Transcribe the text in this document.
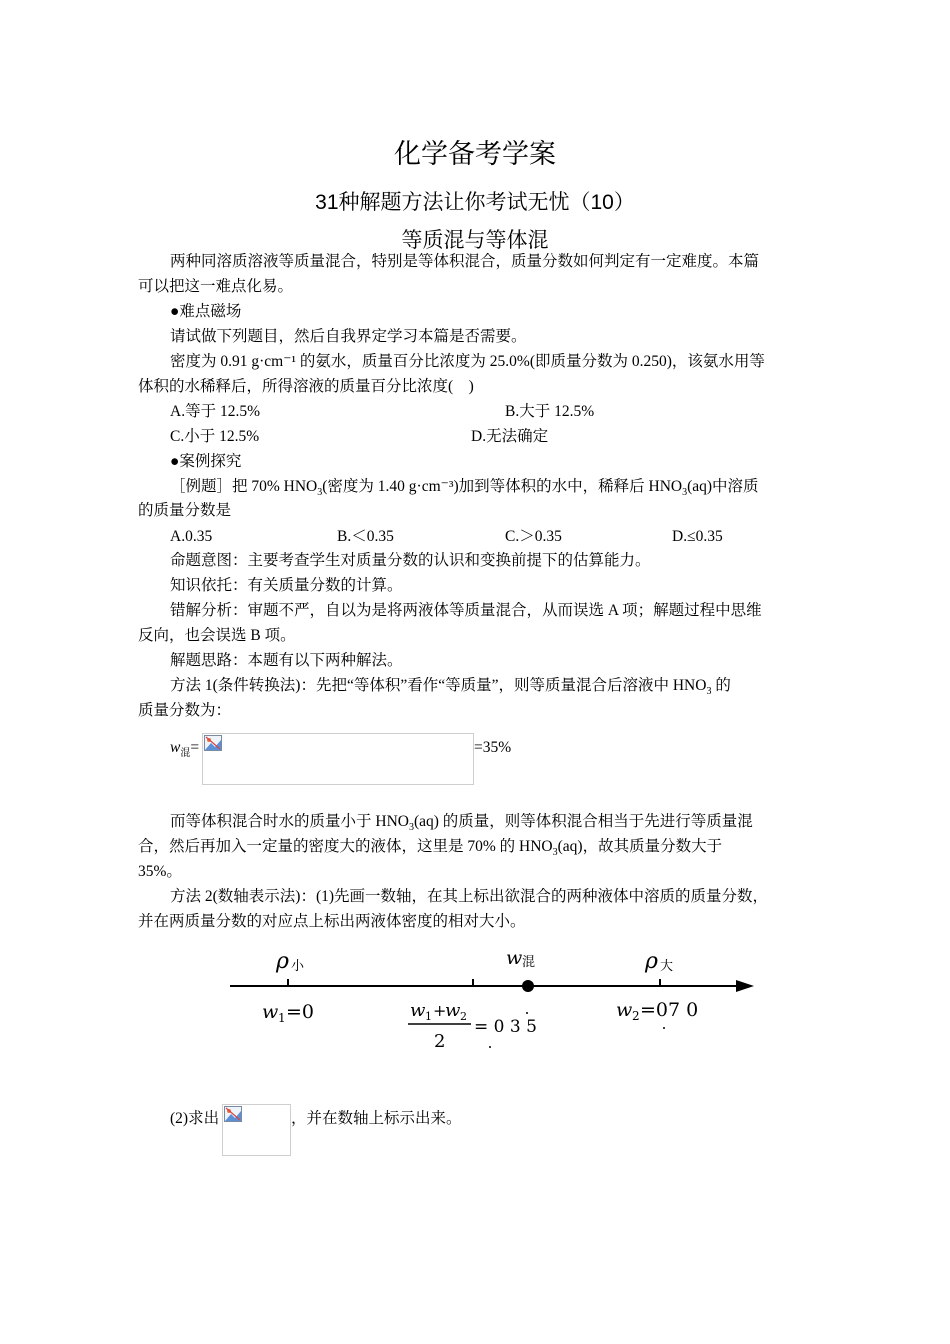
化学备考学案
31种解题方法让你考试无忧（10）
等质混与等体混
两种同溶质溶液等质量混合，特别是等体积混合，质量分数如何判定有一定难度。本篇
可以把这一难点化易。
●难点磁场
请试做下列题目，然后自我界定学习本篇是否需要。
密度为 0.91 g·cm⁻¹ 的氨水，质量百分比浓度为 25.0%(即质量分数为 0.250)，该氨水用等
体积的水稀释后，所得溶液的质量百分比浓度(　)
A.等于 12.5%	B.大于 12.5%
C.小于 12.5%	D.无法确定
●案例探究
［例题］把 70% $HNO_3$(密度为 1.40 g·cm⁻³)加到等体积的水中，稀释后 $HNO_3(aq)$中溶质
的质量分数是
A.0.35	B.＜0.35	C.＞0.35	D.≤0.35
命题意图：主要考查学生对质量分数的认识和变换前提下的估算能力。
知识依托：有关质量分数的计算。
错解分析：审题不严，自以为是将两液体等质量混合，从而误选 A 项；解题过程中思维
反向，也会误选 B 项。
解题思路：本题有以下两种解法。
方法 1(条件转换法)：先把“等体积”看作“等质量”，则等质量混合后溶液中 $HNO_3$ 的
质量分数为：
$w_混=$	=35%
而等体积混合时水的质量小于 $HNO_3(aq)$ 的质量，则等体积混合相当于先进行等质量混
合，然后再加入一定量的密度大的液体，这里是 70% 的 $HNO_3(aq)$，故其质量分数大于
35%。
方法 2(数轴表示法)：(1)先画一数轴，在其上标出欲混合的两种液体中溶质的质量分数，
并在两质量分数的对应点上标出两液体密度的相对大小。
ρ 小	w 混	ρ 大
w 1 =0	w 1 +
w 2
2
= 0 3 5
w 2 =07 0
(2)求出	，并在数轴上标示出来。
